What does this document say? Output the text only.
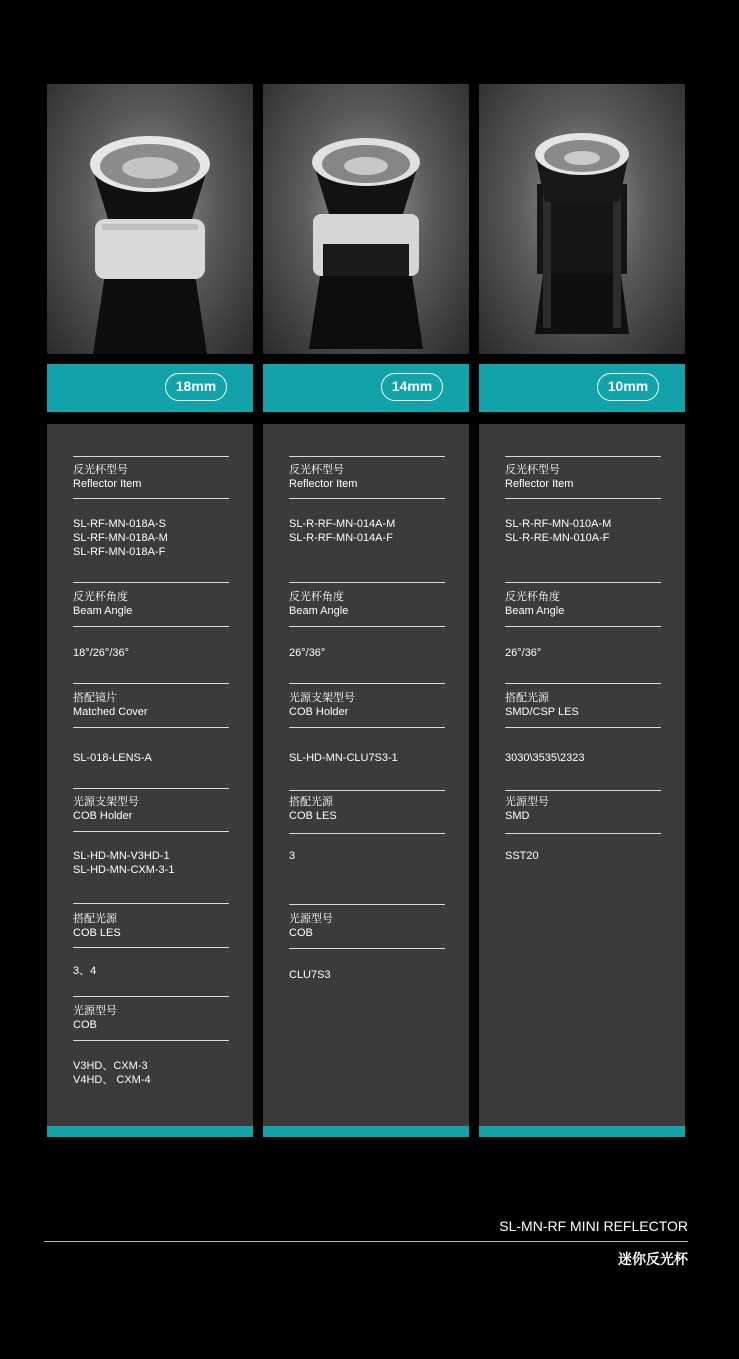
18mm
反光杯型号
Reflector Item
SL-RF-MN-018A-S
SL-RF-MN-018A-M
SL-RF-MN-018A-F
反光杯角度
Beam Angle
18°/26°/36°
搭配镜片
Matched Cover
SL-018-LENS-A
光源支架型号
COB Holder
SL-HD-MN-V3HD-1
SL-HD-MN-CXM-3-1
搭配光源
COB LES
3、4
光源型号
COB
V3HD、CXM-3
V4HD、 CXM-4
14mm
反光杯型号
Reflector Item
SL-R-RF-MN-014A-M
SL-R-RF-MN-014A-F
反光杯角度
Beam Angle
26°/36°
光源支架型号
COB Holder
SL-HD-MN-CLU7S3-1
搭配光源
COB LES
3
光源型号
COB
CLU7S3
10mm
反光杯型号
Reflector Item
SL-R-RF-MN-010A-M
SL-R-RE-MN-010A-F
反光杯角度
Beam Angle
26°/36°
搭配光源
SMD/CSP LES
3030\3535\2323
光源型号
SMD
SST20
SL-MN-RF MINI REFLECTOR
迷你反光杯
